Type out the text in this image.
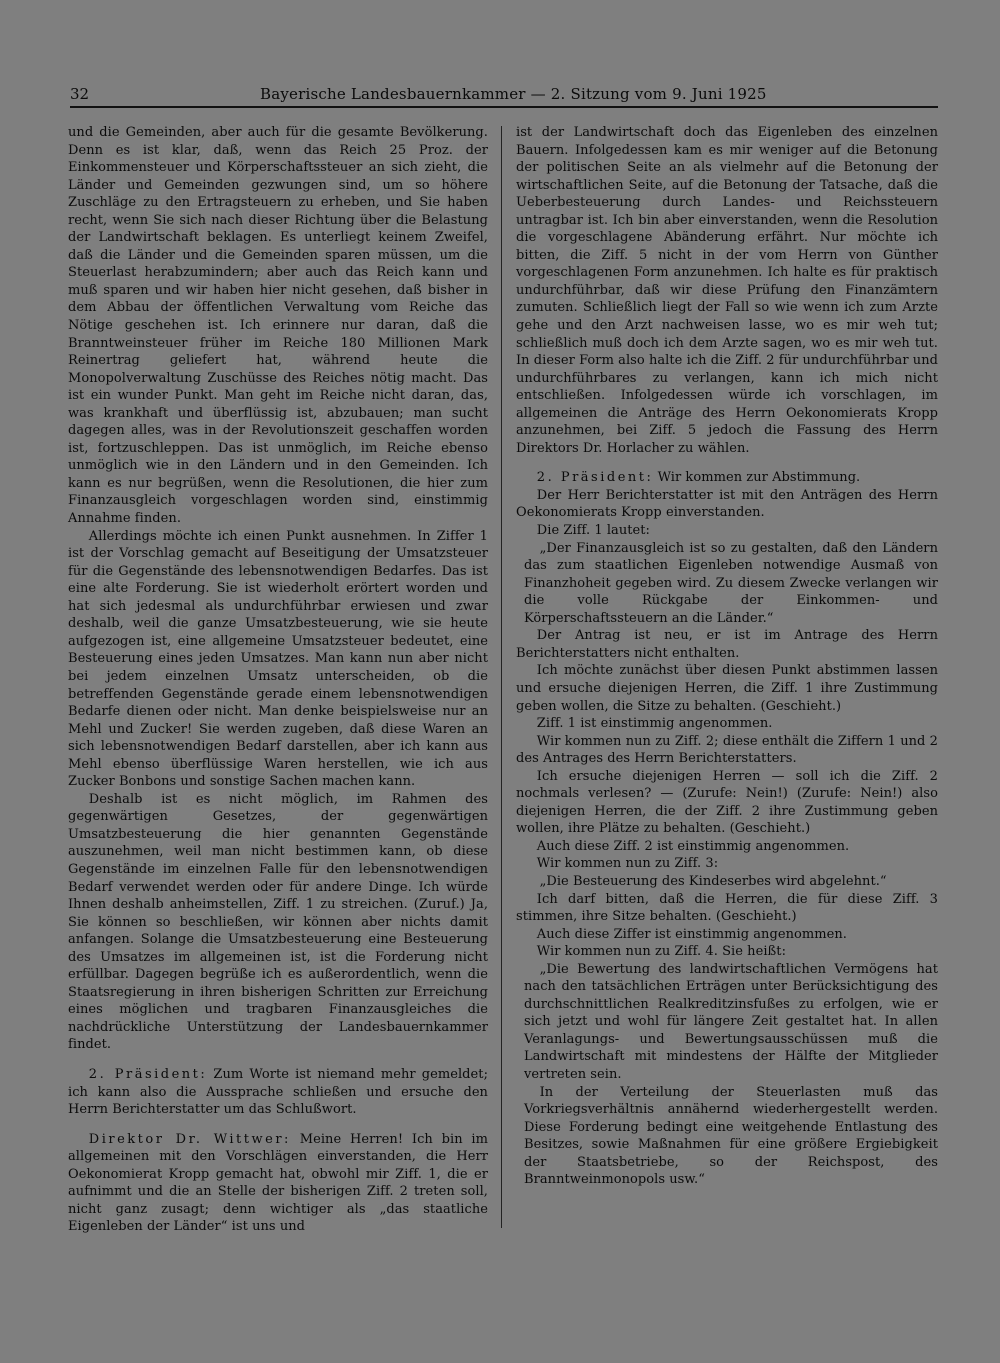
32	Bayerische Landesbauernkammer — 2. Sitzung vom 9. Juni 1925

und die Gemeinden, aber auch für die gesamte Bevölkerung. Denn es ist klar, daß, wenn das Reich 25 Proz. der Einkommensteuer und Körperschaftssteuer an sich zieht, die Länder und Gemeinden gezwungen sind, um so höhere Zuschläge zu den Ertragsteuern zu erheben, und Sie haben recht, wenn Sie sich nach dieser Richtung über die Belastung der Landwirtschaft beklagen. Es unterliegt keinem Zweifel, daß die Länder und die Gemeinden sparen müssen, um die Steuerlast herabzumindern; aber auch das Reich kann und muß sparen und wir haben hier nicht gesehen, daß bisher in dem Abbau der öffentlichen Verwaltung vom Reiche das Nötige geschehen ist. Ich erinnere nur daran, daß die Branntweinsteuer früher im Reiche 180 Millionen Mark Reinertrag geliefert hat, während heute die Monopolverwaltung Zuschüsse des Reiches nötig macht. Das ist ein wunder Punkt. Man geht im Reiche nicht daran, das, was krankhaft und überflüssig ist, abzubauen; man sucht dagegen alles, was in der Revolutionszeit geschaffen worden ist, fortzuschleppen. Das ist unmöglich, im Reiche ebenso unmöglich wie in den Ländern und in den Gemeinden. Ich kann es nur begrüßen, wenn die Resolutionen, die hier zum Finanzausgleich vorgeschlagen worden sind, einstimmig Annahme finden.

Allerdings möchte ich einen Punkt ausnehmen. In Ziffer 1 ist der Vorschlag gemacht auf Beseitigung der Umsatzsteuer für die Gegenstände des lebensnotwendigen Bedarfes. Das ist eine alte Forderung. Sie ist wiederholt erörtert worden und hat sich jedesmal als undurchführbar erwiesen und zwar deshalb, weil die ganze Umsatzbesteuerung, wie sie heute aufgezogen ist, eine allgemeine Umsatzsteuer bedeutet, eine Besteuerung eines jeden Umsatzes. Man kann nun aber nicht bei jedem einzelnen Umsatz unterscheiden, ob die betreffenden Gegenstände gerade einem lebensnotwendigen Bedarfe dienen oder nicht. Man denke beispielsweise nur an Mehl und Zucker! Sie werden zugeben, daß diese Waren an sich lebensnotwendigen Bedarf darstellen, aber ich kann aus Mehl ebenso überflüssige Waren herstellen, wie ich aus Zucker Bonbons und sonstige Sachen machen kann.

Deshalb ist es nicht möglich, im Rahmen des gegenwärtigen Gesetzes, der gegenwärtigen Umsatzbesteuerung die hier genannten Gegenstände auszunehmen, weil man nicht bestimmen kann, ob diese Gegenstände im einzelnen Falle für den lebensnotwendigen Bedarf verwendet werden oder für andere Dinge. Ich würde Ihnen deshalb anheimstellen, Ziff. 1 zu streichen. (Zuruf.) Ja, Sie können so beschließen, wir können aber nichts damit anfangen. Solange die Umsatzbesteuerung eine Besteuerung des Umsatzes im allgemeinen ist, ist die Forderung nicht erfüllbar. Dagegen begrüße ich es außerordentlich, wenn die Staatsregierung in ihren bisherigen Schritten zur Erreichung eines möglichen und tragbaren Finanzausgleiches die nachdrückliche Unterstützung der Landesbauernkammer findet.

2. Präsident: Zum Worte ist niemand mehr gemeldet; ich kann also die Aussprache schließen und ersuche den Herrn Berichterstatter um das Schlußwort.

Direktor Dr. Wittwer: Meine Herren! Ich bin im allgemeinen mit den Vorschlägen einverstanden, die Herr Oekonomierat Kropp gemacht hat, obwohl mir Ziff. 1, die er aufnimmt und die an Stelle der bisherigen Ziff. 2 treten soll, nicht ganz zusagt; denn wichtiger als „das staatliche Eigenleben der Länder“ ist uns und

ist der Landwirtschaft doch das Eigenleben des einzelnen Bauern. Infolgedessen kam es mir weniger auf die Betonung der politischen Seite an als vielmehr auf die Betonung der wirtschaftlichen Seite, auf die Betonung der Tatsache, daß die Ueberbesteuerung durch Landes- und Reichssteuern untragbar ist. Ich bin aber einverstanden, wenn die Resolution die vorgeschlagene Abänderung erfährt. Nur möchte ich bitten, die Ziff. 5 nicht in der vom Herrn von Günther vorgeschlagenen Form anzunehmen. Ich halte es für praktisch undurchführbar, daß wir diese Prüfung den Finanzämtern zumuten. Schließlich liegt der Fall so wie wenn ich zum Arzte gehe und den Arzt nachweisen lasse, wo es mir weh tut; schließlich muß doch ich dem Arzte sagen, wo es mir weh tut. In dieser Form also halte ich die Ziff. 2 für undurchführbar und undurchführbares zu verlangen, kann ich mich nicht entschließen. Infolgedessen würde ich vorschlagen, im allgemeinen die Anträge des Herrn Oekonomierats Kropp anzunehmen, bei Ziff. 5 jedoch die Fassung des Herrn Direktors Dr. Horlacher zu wählen.

2. Präsident: Wir kommen zur Abstimmung.

Der Herr Berichterstatter ist mit den Anträgen des Herrn Oekonomierats Kropp einverstanden.

Die Ziff. 1 lautet:

„Der Finanzausgleich ist so zu gestalten, daß den Ländern das zum staatlichen Eigenleben notwendige Ausmaß von Finanzhoheit gegeben wird. Zu diesem Zwecke verlangen wir die volle Rückgabe der Einkommen- und Körperschaftssteuern an die Länder.“

Der Antrag ist neu, er ist im Antrage des Herrn Berichterstatters nicht enthalten.

Ich möchte zunächst über diesen Punkt abstimmen lassen und ersuche diejenigen Herren, die Ziff. 1 ihre Zustimmung geben wollen, die Sitze zu behalten. (Geschieht.)

Ziff. 1 ist einstimmig angenommen.

Wir kommen nun zu Ziff. 2; diese enthält die Ziffern 1 und 2 des Antrages des Herrn Berichterstatters.

Ich ersuche diejenigen Herren — soll ich die Ziff. 2 nochmals verlesen? — (Zurufe: Nein!) (Zurufe: Nein!) also diejenigen Herren, die der Ziff. 2 ihre Zustimmung geben wollen, ihre Plätze zu behalten. (Geschieht.)

Auch diese Ziff. 2 ist einstimmig angenommen.

Wir kommen nun zu Ziff. 3:

„Die Besteuerung des Kindeserbes wird abgelehnt.“

Ich darf bitten, daß die Herren, die für diese Ziff. 3 stimmen, ihre Sitze behalten. (Geschieht.)

Auch diese Ziffer ist einstimmig angenommen.

Wir kommen nun zu Ziff. 4. Sie heißt:

„Die Bewertung des landwirtschaftlichen Vermögens hat nach den tatsächlichen Erträgen unter Berücksichtigung des durchschnittlichen Realkreditzinsfußes zu erfolgen, wie er sich jetzt und wohl für längere Zeit gestaltet hat. In allen Veranlagungs- und Bewertungsausschüssen muß die Landwirtschaft mit mindestens der Hälfte der Mitglieder vertreten sein.

In der Verteilung der Steuerlasten muß das Vorkriegsverhältnis annähernd wiederhergestellt werden. Diese Forderung bedingt eine weitgehende Entlastung des Besitzes, sowie Maßnahmen für eine größere Ergiebigkeit der Staatsbetriebe, so der Reichspost, des Branntweinmonopols usw.“
